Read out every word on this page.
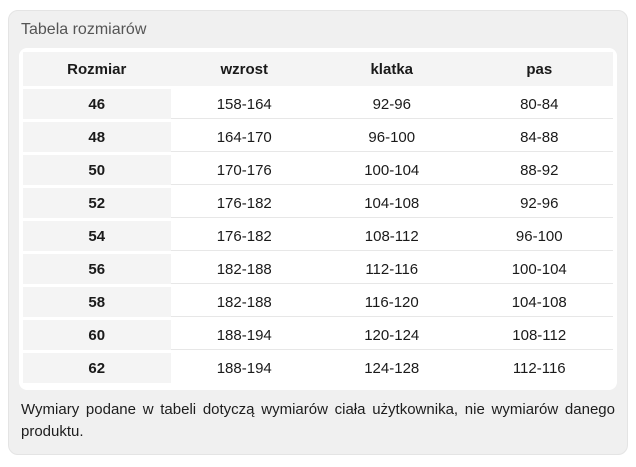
Tabela rozmiarów
Rozmiar	wzrost	klatka	pas
46	158-164	92-96	80-84
48	164-170	96-100	84-88
50	170-176	100-104	88-92
52	176-182	104-108	92-96
54	176-182	108-112	96-100
56	182-188	112-116	100-104
58	182-188	116-120	104-108
60	188-194	120-124	108-112
62	188-194	124-128	112-116

Wymiary podane w tabeli dotyczą wymiarów ciała użytkownika, nie wymiarów danego produktu.
